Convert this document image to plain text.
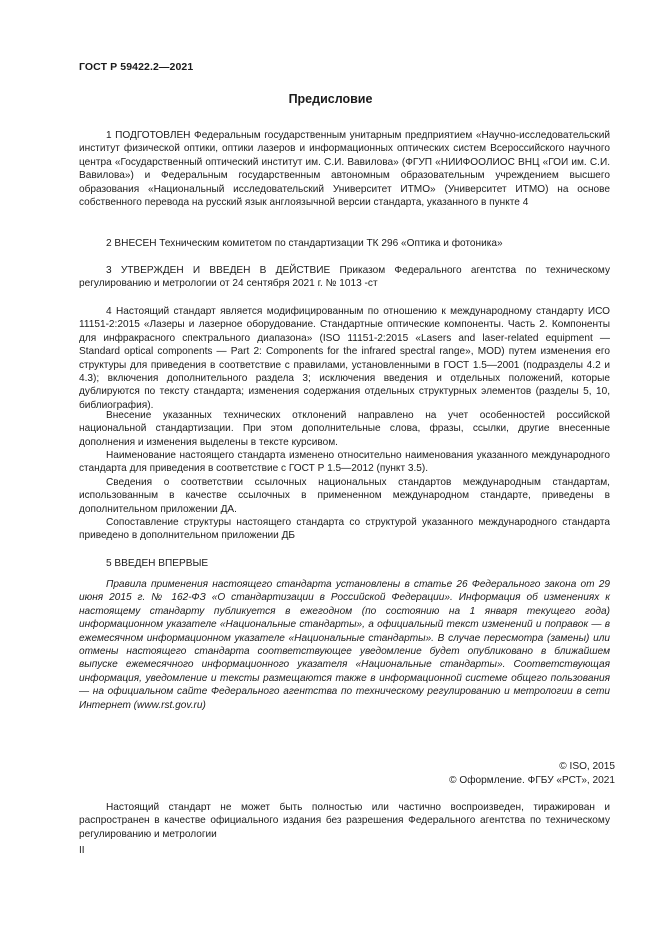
ГОСТ Р 59422.2—2021
Предисловие

1 ПОДГОТОВЛЕН Федеральным государственным унитарным предприятием «Научно-исследовательский институт физической оптики, оптики лазеров и информационных оптических систем Всероссийского научного центра «Государственный оптический институт им. С.И. Вавилова» (ФГУП «НИИФООЛИОС ВНЦ «ГОИ им. С.И. Вавилова») и Федеральным государственным автономным образовательным учреждением высшего образования «Национальный исследовательский Университет ИТМО» (Университет ИТМО) на основе собственного перевода на русский язык англоязычной версии стандарта, указанного в пункте 4

2 ВНЕСЕН Техническим комитетом по стандартизации ТК 296 «Оптика и фотоника»

3 УТВЕРЖДЕН И ВВЕДЕН В ДЕЙСТВИЕ Приказом Федерального агентства по техническому регулированию и метрологии от 24 сентября 2021 г. № 1013 -ст

4 Настоящий стандарт является модифицированным по отношению к международному стандарту ИСО 11151-2:2015 «Лазеры и лазерное оборудование. Стандартные оптические компоненты. Часть 2. Компоненты для инфракрасного спектрального диапазона» (ISO 11151-2:2015 «Lasers and laser-related equipment — Standard optical components — Part 2: Components for the infrared spectral range», MOD) путем изменения его структуры для приведения в соответствие с правилами, установленными в ГОСТ 1.5—2001 (подразделы 4.2 и 4.3); включения дополнительного раздела 3; исключения введения и отдельных положений, которые дублируются по тексту стандарта; изменения содержания отдельных структурных элементов (разделы 5, 10, библиография).

Внесение указанных технических отклонений направлено на учет особенностей российской национальной стандартизации. При этом дополнительные слова, фразы, ссылки, другие внесенные дополнения и изменения выделены в тексте курсивом.

Наименование настоящего стандарта изменено относительно наименования указанного международного стандарта для приведения в соответствие с ГОСТ Р 1.5—2012 (пункт 3.5).

Сведения о соответствии ссылочных национальных стандартов международным стандартам, использованным в качестве ссылочных в примененном международном стандарте, приведены в дополнительном приложении ДА.

Сопоставление структуры настоящего стандарта со структурой указанного международного стандарта приведено в дополнительном приложении ДБ

5 ВВЕДЕН ВПЕРВЫЕ

Правила применения настоящего стандарта установлены в статье 26 Федерального закона от 29 июня 2015 г. № 162-ФЗ «О стандартизации в Российской Федерации». Информация об изменениях к настоящему стандарту публикуется в ежегодном (по состоянию на 1 января текущего года) информационном указателе «Национальные стандарты», а официальный текст изменений и поправок — в ежемесячном информационном указателе «Национальные стандарты». В случае пересмотра (замены) или отмены настоящего стандарта соответствующее уведомление будет опубликовано в ближайшем выпуске ежемесячного информационного указателя «Национальные стандарты». Соответствующая информация, уведомление и тексты размещаются также в информационной системе общего пользования — на официальном сайте Федерального агентства по техническому регулированию и метрологии в сети Интернет (www.rst.gov.ru)

© ISO, 2015
© Оформление. ФГБУ «РСТ», 2021

Настоящий стандарт не может быть полностью или частично воспроизведен, тиражирован и распространен в качестве официального издания без разрешения Федерального агентства по техническому регулированию и метрологии

II
